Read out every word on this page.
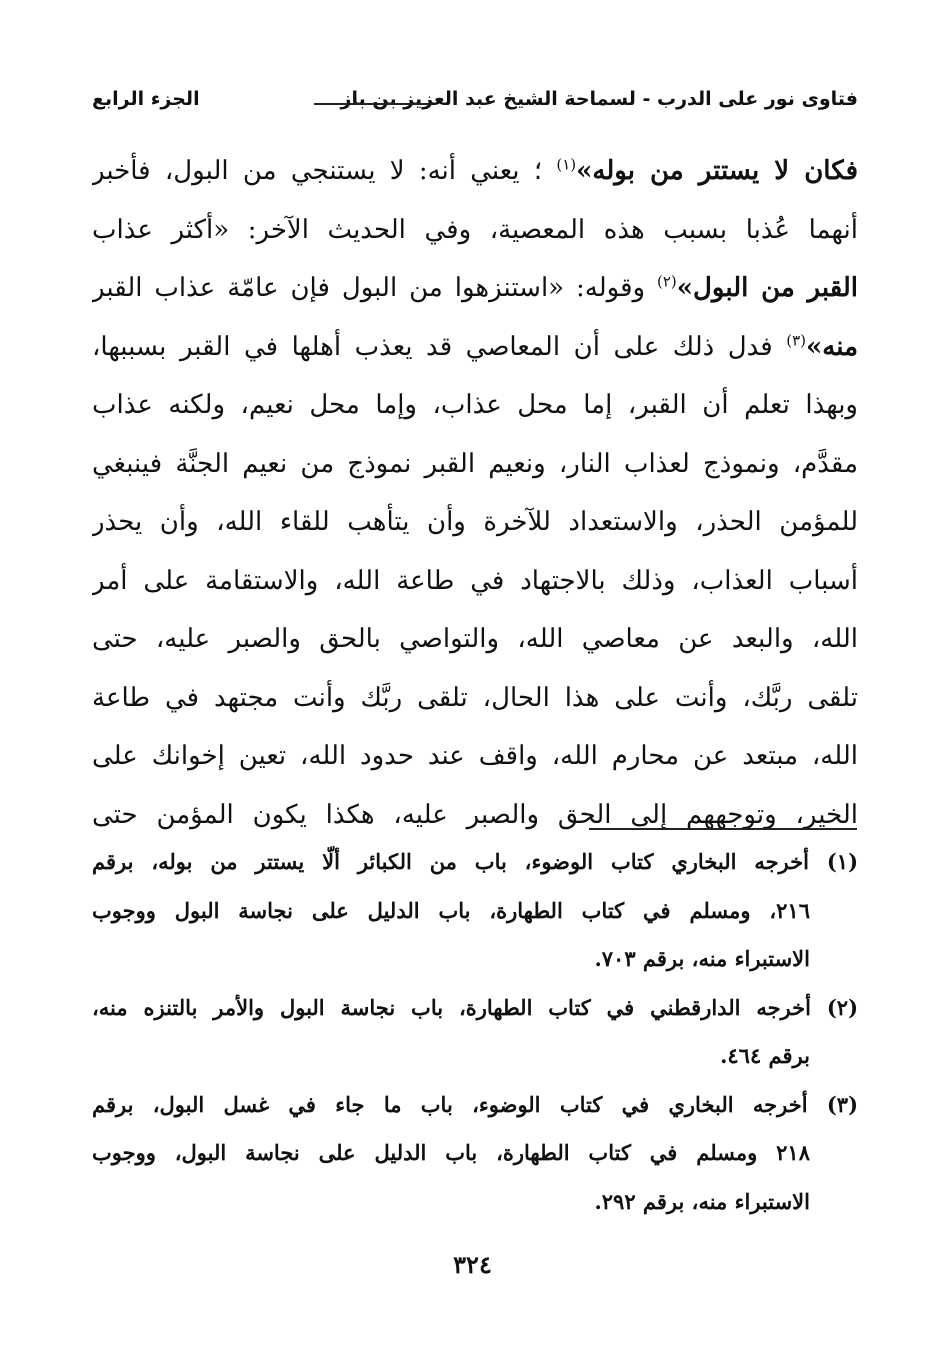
فتاوى نور على الدرب - لسماحة الشيخ عبد العزيز بن باز
الجزء الرابع
فكان لا يستتر من بوله»$^{(١)}$ ؛ يعني أنه: لا يستنجي من البول، فأخبر
أنهما عُذبا بسبب هذه المعصية، وفي الحديث الآخر: «أكثر عذاب
القبر من البول»$^{(٢)}$ وقوله: «استنزهوا من البول فإن عامّة عذاب القبر
منه»$^{(٣)}$ فدل ذلك على أن المعاصي قد يعذب أهلها في القبر بسببها،
وبهذا تعلم أن القبر، إما محل عذاب، وإما محل نعيم، ولكنه عذاب
مقدَّم، ونموذج لعذاب النار، ونعيم القبر نموذج من نعيم الجنَّة فينبغي
للمؤمن الحذر، والاستعداد للآخرة وأن يتأهب للقاء الله، وأن يحذر
أسباب العذاب، وذلك بالاجتهاد في طاعة الله، والاستقامة على أمر
الله، والبعد عن معاصي الله، والتواصي بالحق والصبر عليه، حتى
تلقى ربَّك، وأنت على هذا الحال، تلقى ربَّك وأنت مجتهد في طاعة
الله، مبتعد عن محارم الله، واقف عند حدود الله، تعين إخوانك على
الخير، وتوجههم إلى الحق والصبر عليه، هكذا يكون المؤمن حتى
(١) أخرجه البخاري كتاب الوضوء، باب من الكبائر ألّا يستتر من بوله، برقم
٢١٦، ومسلم في كتاب الطهارة، باب الدليل على نجاسة البول ووجوب
الاستبراء منه، برقم ٧٠٣.
(٢) أخرجه الدارقطني في كتاب الطهارة، باب نجاسة البول والأمر بالتنزه منه،
برقم ٤٦٤.
(٣) أخرجه البخاري في كتاب الوضوء، باب ما جاء في غسل البول، برقم
٢١٨ ومسلم في كتاب الطهارة، باب الدليل على نجاسة البول، ووجوب
الاستبراء منه، برقم ٢٩٢.
٣٢٤
